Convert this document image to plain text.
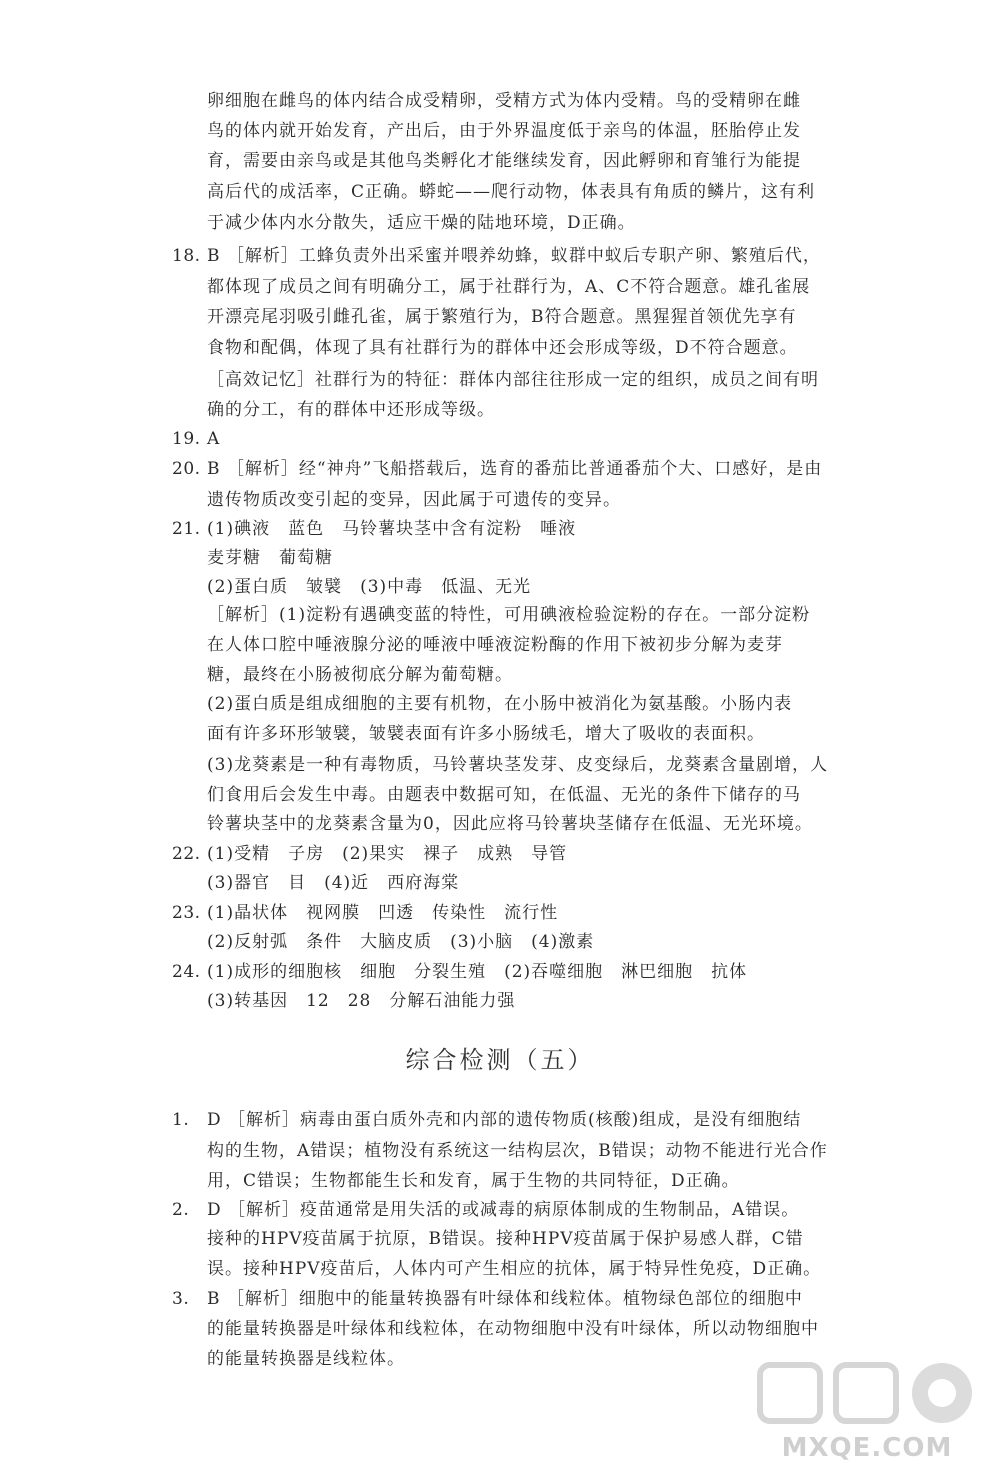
卵细胞在雌鸟的体内结合成受精卵，受精方式为体内受精。鸟的受精卵在雌
鸟的体内就开始发育，产出后，由于外界温度低于亲鸟的体温，胚胎停止发
育，需要由亲鸟或是其他鸟类孵化才能继续发育，因此孵卵和育雏行为能提
高后代的成活率，C正确。蟒蛇——爬行动物，体表具有角质的鳞片，这有利
于减少体内水分散失，适应干燥的陆地环境，D正确。
18. B ［解析］工蜂负责外出采蜜并喂养幼蜂，蚁群中蚁后专职产卵、繁殖后代，
都体现了成员之间有明确分工，属于社群行为，A、C不符合题意。雄孔雀展
开漂亮尾羽吸引雌孔雀，属于繁殖行为，B符合题意。黑猩猩首领优先享有
食物和配偶，体现了具有社群行为的群体中还会形成等级，D不符合题意。
［高效记忆］社群行为的特征：群体内部往往形成一定的组织，成员之间有明
确的分工，有的群体中还形成等级。
19. A
20. B ［解析］经“神舟”飞船搭载后，选育的番茄比普通番茄个大、口感好，是由
遗传物质改变引起的变异，因此属于可遗传的变异。
21. (1)碘液　蓝色　马铃薯块茎中含有淀粉　唾液
麦芽糖　葡萄糖
(2)蛋白质　皱襞　(3)中毒　低温、无光
［解析］(1)淀粉有遇碘变蓝的特性，可用碘液检验淀粉的存在。一部分淀粉
在人体口腔中唾液腺分泌的唾液中唾液淀粉酶的作用下被初步分解为麦芽
糖，最终在小肠被彻底分解为葡萄糖。
(2)蛋白质是组成细胞的主要有机物，在小肠中被消化为氨基酸。小肠内表
面有许多环形皱襞，皱襞表面有许多小肠绒毛，增大了吸收的表面积。
(3)龙葵素是一种有毒物质，马铃薯块茎发芽、皮变绿后，龙葵素含量剧增，人
们食用后会发生中毒。由题表中数据可知，在低温、无光的条件下储存的马
铃薯块茎中的龙葵素含量为0，因此应将马铃薯块茎储存在低温、无光环境。
22. (1)受精　子房　(2)果实　裸子　成熟　导管
(3)器官　目　(4)近　西府海棠
23. (1)晶状体　视网膜　凹透　传染性　流行性
(2)反射弧　条件　大脑皮质　(3)小脑　(4)激素
24. (1)成形的细胞核　细胞　分裂生殖　(2)吞噬细胞　淋巴细胞　抗体
(3)转基因　12　28　分解石油能力强
综合检测（五）
1. D ［解析］病毒由蛋白质外壳和内部的遗传物质(核酸)组成，是没有细胞结
构的生物，A错误；植物没有系统这一结构层次，B错误；动物不能进行光合作
用，C错误；生物都能生长和发育，属于生物的共同特征，D正确。
2. D ［解析］疫苗通常是用失活的或减毒的病原体制成的生物制品，A错误。
接种的HPV疫苗属于抗原，B错误。接种HPV疫苗属于保护易感人群，C错
误。接种HPV疫苗后，人体内可产生相应的抗体，属于特异性免疫，D正确。
3. B ［解析］细胞中的能量转换器有叶绿体和线粒体。植物绿色部位的细胞中
的能量转换器是叶绿体和线粒体，在动物细胞中没有叶绿体，所以动物细胞中
的能量转换器是线粒体。
MXQE.COM
